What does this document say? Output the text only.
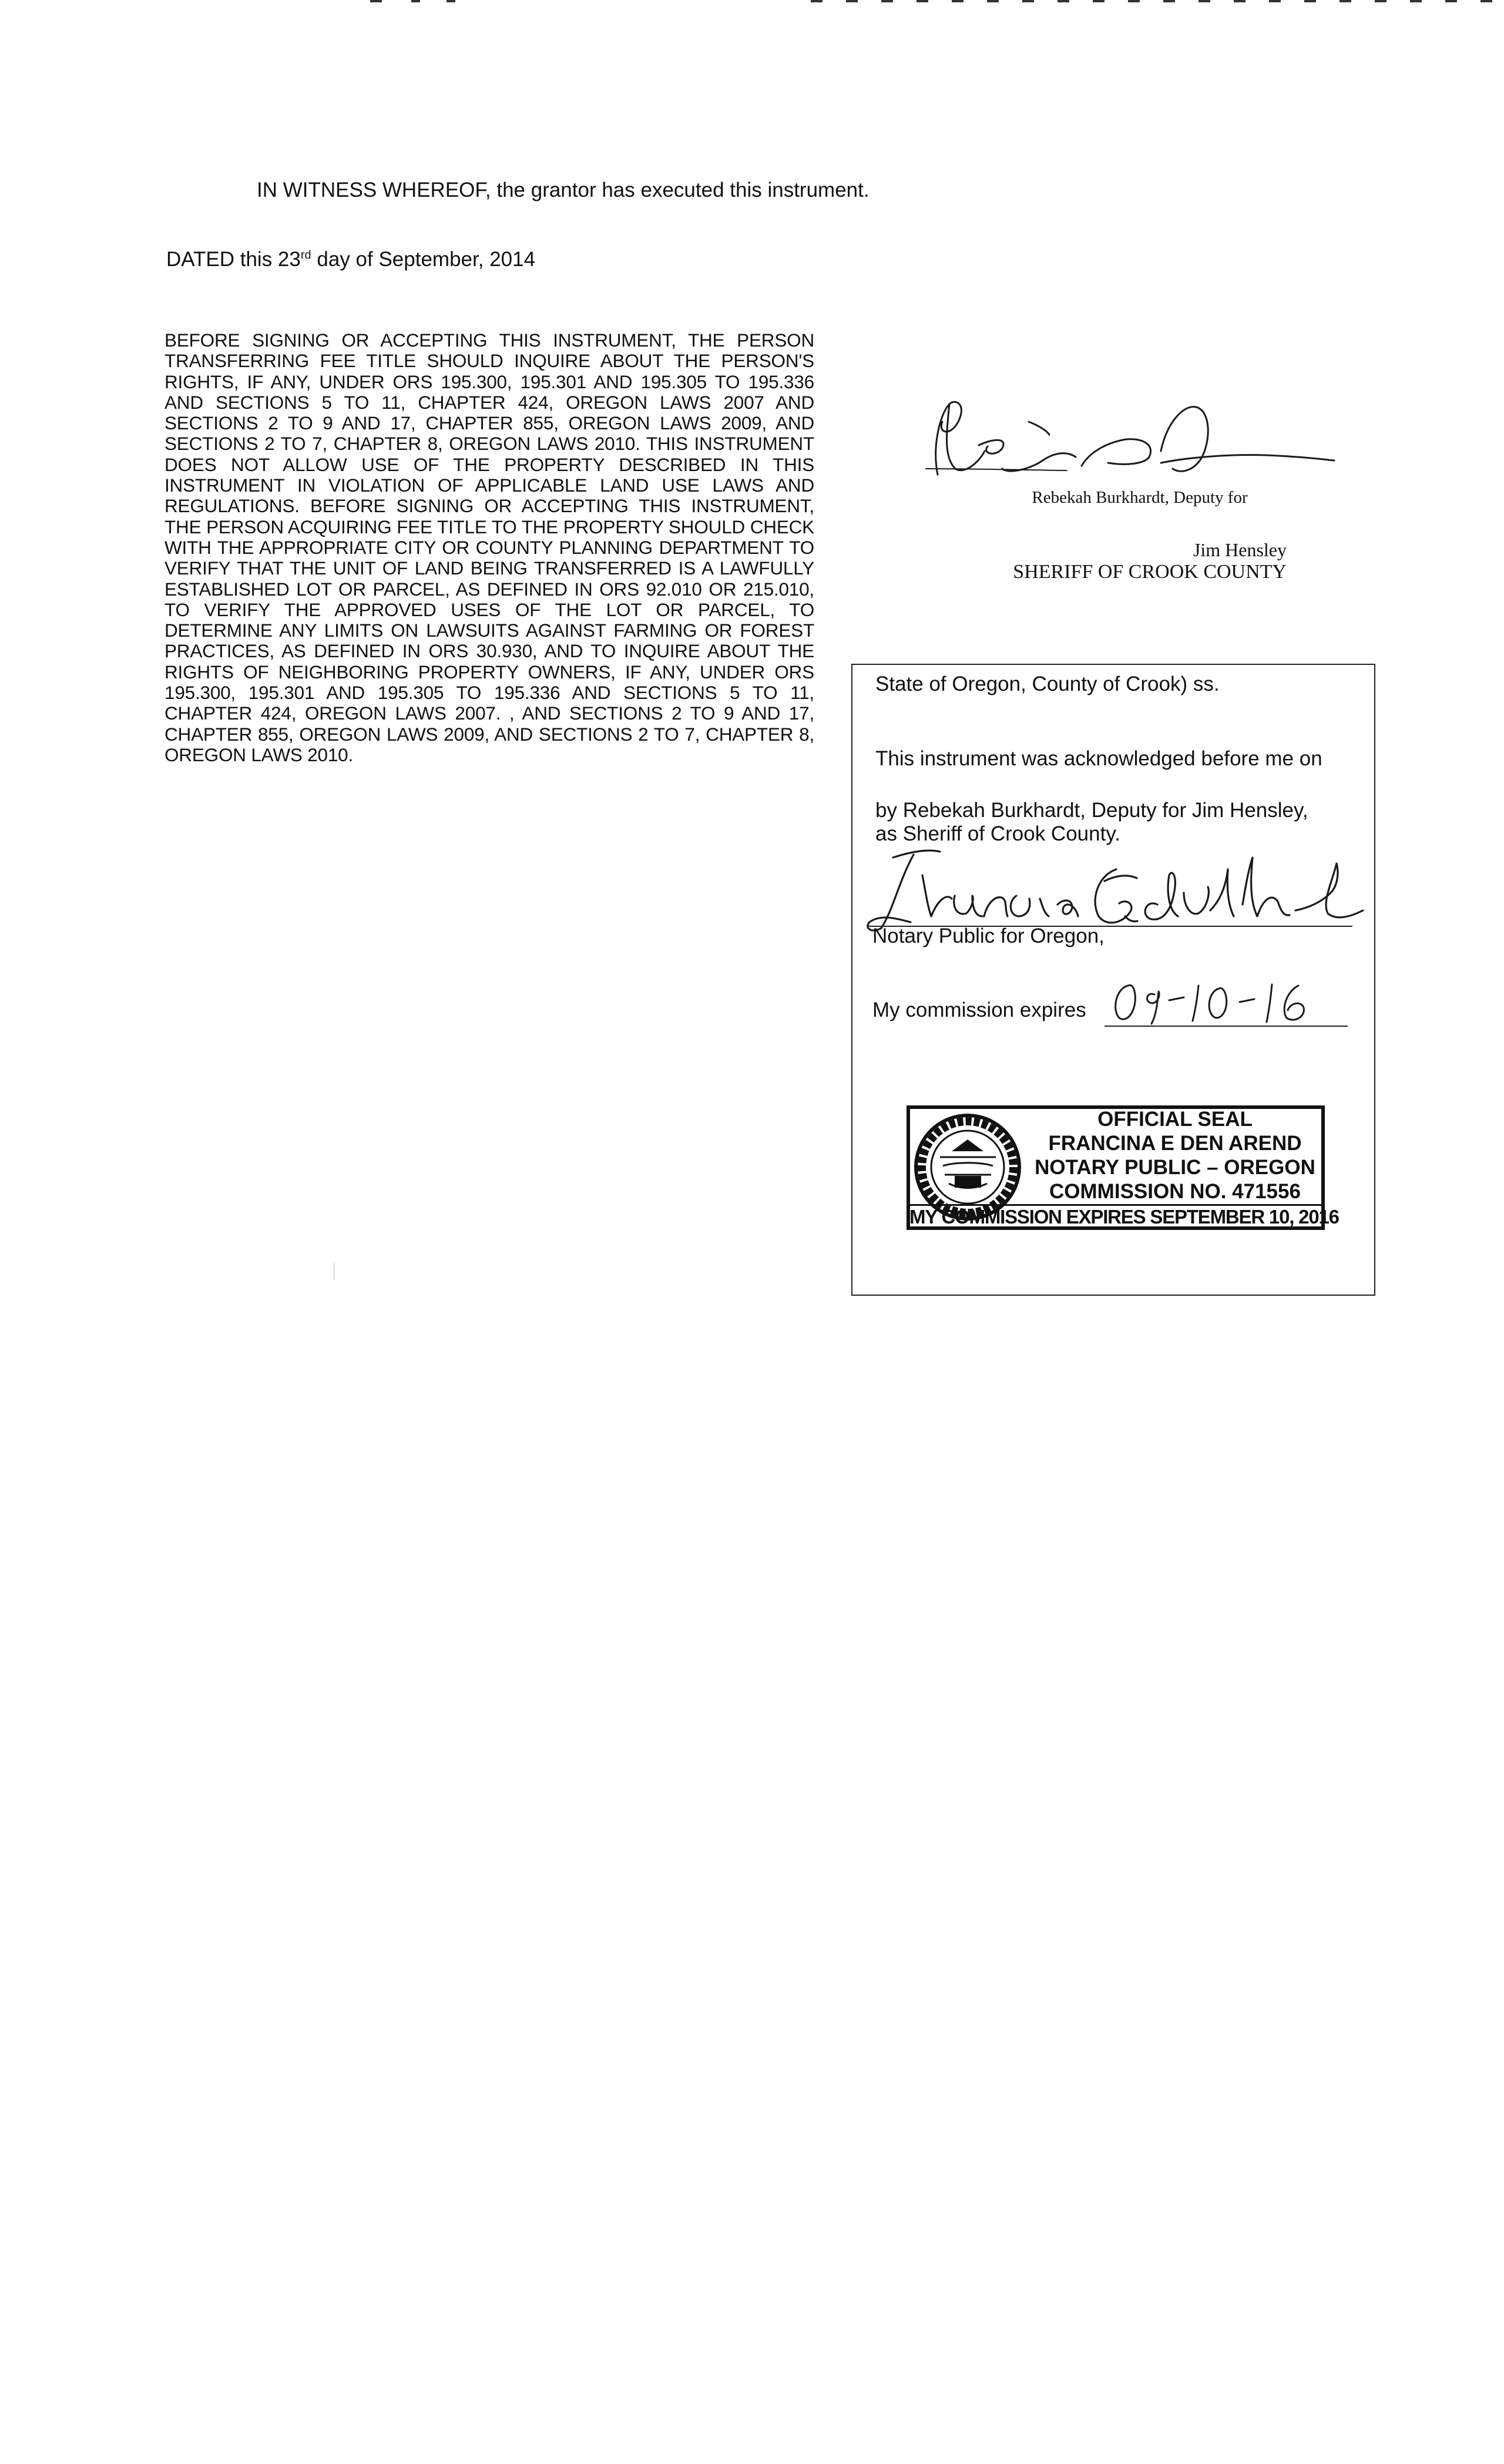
IN WITNESS WHEREOF, the grantor has executed this instrument.
DATED this 23rd day of September, 2014
BEFORE SIGNING OR ACCEPTING THIS INSTRUMENT, THE PERSON TRANSFERRING FEE TITLE SHOULD INQUIRE ABOUT THE PERSON'S RIGHTS, IF ANY, UNDER ORS 195.300, 195.301 AND 195.305 TO 195.336 AND SECTIONS 5 TO 11, CHAPTER 424, OREGON LAWS 2007 AND SECTIONS 2 TO 9 AND 17, CHAPTER 855, OREGON LAWS 2009, AND SECTIONS 2 TO 7, CHAPTER 8, OREGON LAWS 2010. THIS INSTRUMENT DOES NOT ALLOW USE OF THE PROPERTY DESCRIBED IN THIS INSTRUMENT IN VIOLATION OF APPLICABLE LAND USE LAWS AND REGULATIONS. BEFORE SIGNING OR ACCEPTING THIS INSTRUMENT, THE PERSON ACQUIRING FEE TITLE TO THE PROPERTY SHOULD CHECK WITH THE APPROPRIATE CITY OR COUNTY PLANNING DEPARTMENT TO VERIFY THAT THE UNIT OF LAND BEING TRANSFERRED IS A LAWFULLY ESTABLISHED LOT OR PARCEL, AS DEFINED IN ORS 92.010 OR 215.010, TO VERIFY THE APPROVED USES OF THE LOT OR PARCEL, TO DETERMINE ANY LIMITS ON LAWSUITS AGAINST FARMING OR FOREST PRACTICES, AS DEFINED IN ORS 30.930, AND TO INQUIRE ABOUT THE RIGHTS OF NEIGHBORING PROPERTY OWNERS, IF ANY, UNDER ORS 195.300, 195.301 AND 195.305 TO 195.336 AND SECTIONS 5 TO 11, CHAPTER 424, OREGON LAWS 2007. , AND SECTIONS 2 TO 9 AND 17, CHAPTER 855, OREGON LAWS 2009, AND SECTIONS 2 TO 7, CHAPTER 8, OREGON LAWS 2010.
Rebekah Burkhardt, Deputy for
Jim Hensley
SHERIFF OF CROOK COUNTY
State of Oregon, County of Crook) ss.
This instrument was acknowledged before me on
by Rebekah Burkhardt, Deputy for Jim Hensley,
as Sheriff of Crook County.
Notary Public for Oregon,
My commission expires
OFFICIAL SEAL
FRANCINA E DEN AREND
NOTARY PUBLIC – OREGON
COMMISSION NO. 471556
MY COMMISSION EXPIRES SEPTEMBER 10, 2016
